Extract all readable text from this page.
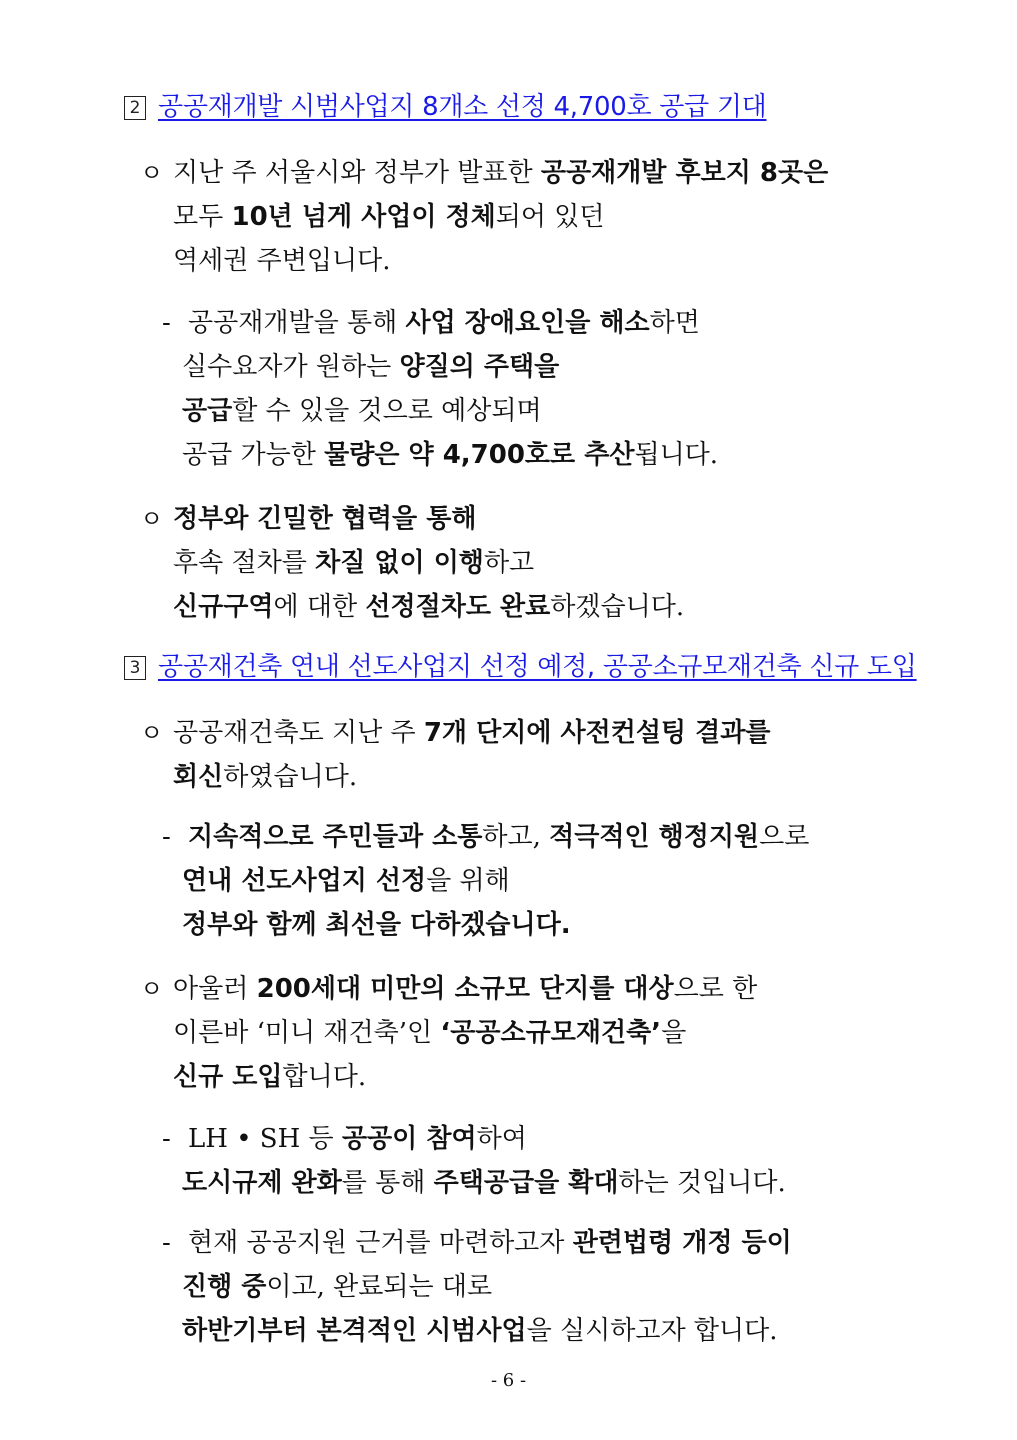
2 공공재개발 시범사업지 8개소 선정 4,700호 공급 기대
ㅇ 지난 주 서울시와 정부가 발표한 공공재개발 후보지 8곳은
모두 10년 넘게 사업이 정체되어 있던
역세권 주변입니다.
- 공공재개발을 통해 사업 장애요인을 해소하면
실수요자가 원하는 양질의 주택을
공급할 수 있을 것으로 예상되며
공급 가능한 물량은 약 4,700호로 추산됩니다.
ㅇ 정부와 긴밀한 협력을 통해
후속 절차를 차질 없이 이행하고
신규구역에 대한 선정절차도 완료하겠습니다.
3 공공재건축 연내 선도사업지 선정 예정, 공공소규모재건축 신규 도입
ㅇ 공공재건축도 지난 주 7개 단지에 사전컨설팅 결과를
회신하였습니다.
- 지속적으로 주민들과 소통하고, 적극적인 행정지원으로
연내 선도사업지 선정을 위해
정부와 함께 최선을 다하겠습니다.
ㅇ 아울러 200세대 미만의 소규모 단지를 대상으로 한
이른바 ‘미니 재건축’인 ‘공공소규모재건축’을
신규 도입합니다.
- LH • SH 등 공공이 참여하여
도시규제 완화를 통해 주택공급을 확대하는 것입니다.
- 현재 공공지원 근거를 마련하고자 관련법령 개정 등이
진행 중이고, 완료되는 대로
하반기부터 본격적인 시범사업을 실시하고자 합니다.
- 6 -
